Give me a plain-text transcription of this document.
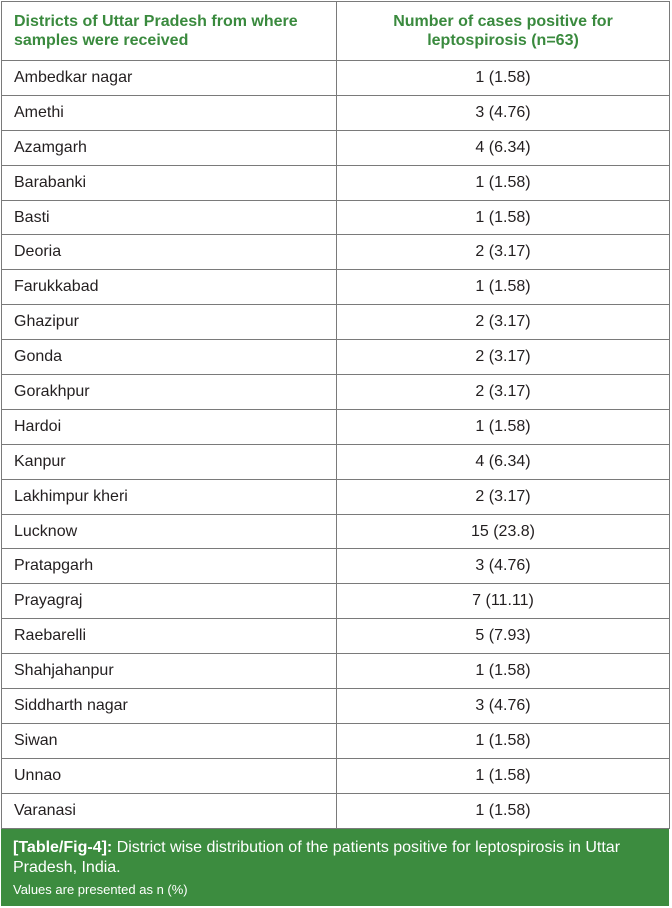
Districts of Uttar Pradesh from where samples were received	Number of cases positive for leptospirosis (n=63)
Ambedkar nagar	1 (1.58)
Amethi	3 (4.76)
Azamgarh	4 (6.34)
Barabanki	1 (1.58)
Basti	1 (1.58)
Deoria	2 (3.17)
Farukkabad	1 (1.58)
Ghazipur	2 (3.17)
Gonda	2 (3.17)
Gorakhpur	2 (3.17)
Hardoi	1 (1.58)
Kanpur	4 (6.34)
Lakhimpur kheri	2 (3.17)
Lucknow	15 (23.8)
Pratapgarh	3 (4.76)
Prayagraj	7 (11.11)
Raebarelli	5 (7.93)
Shahjahanpur	1 (1.58)
Siddharth nagar	3 (4.76)
Siwan	1 (1.58)
Unnao	1 (1.58)
Varanasi	1 (1.58)
[Table/Fig-4]: District wise distribution of the patients positive for leptospirosis in Uttar Pradesh, India.
Values are presented as n (%)
